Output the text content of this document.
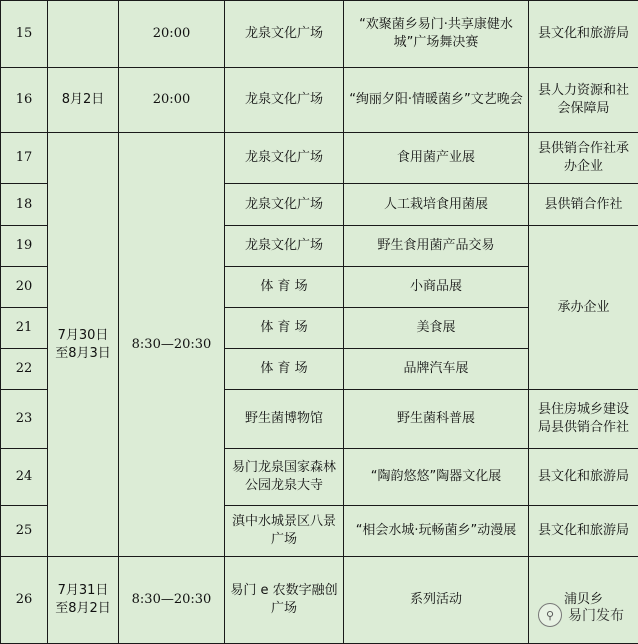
15		20:00	龙泉文化广场	“欢聚菌乡易门·共享康健水城”广场舞决赛	县文化和旅游局
16	8月2日	20:00	龙泉文化广场	“绚丽夕阳·情暖菌乡”文艺晚会	县人力资源和社会保障局
17	7月30日至8月3日	8:30—20:30	龙泉文化广场	食用菌产业展	县供销合作社承办企业
18			龙泉文化广场	人工栽培食用菌展	县供销合作社
19			龙泉文化广场	野生食用菌产品交易	承办企业
20			体 育 场	小商品展	
21			体 育 场	美食展	
22			体 育 场	品牌汽车展	
23			野生菌博物馆	野生菌科普展	县住房城乡建设局县供销合作社
24			易门龙泉国家森林公园龙泉大寺	“陶韵悠悠”陶器文化展	县文化和旅游局
25			滇中水城景区八景广场	“相会水城·玩畅菌乡”动漫展	县文化和旅游局
26	7月31日至8月2日	8:30—20:30	易门 e 农数字融创广场	系列活动	浦贝乡
⚲ 易门发布
